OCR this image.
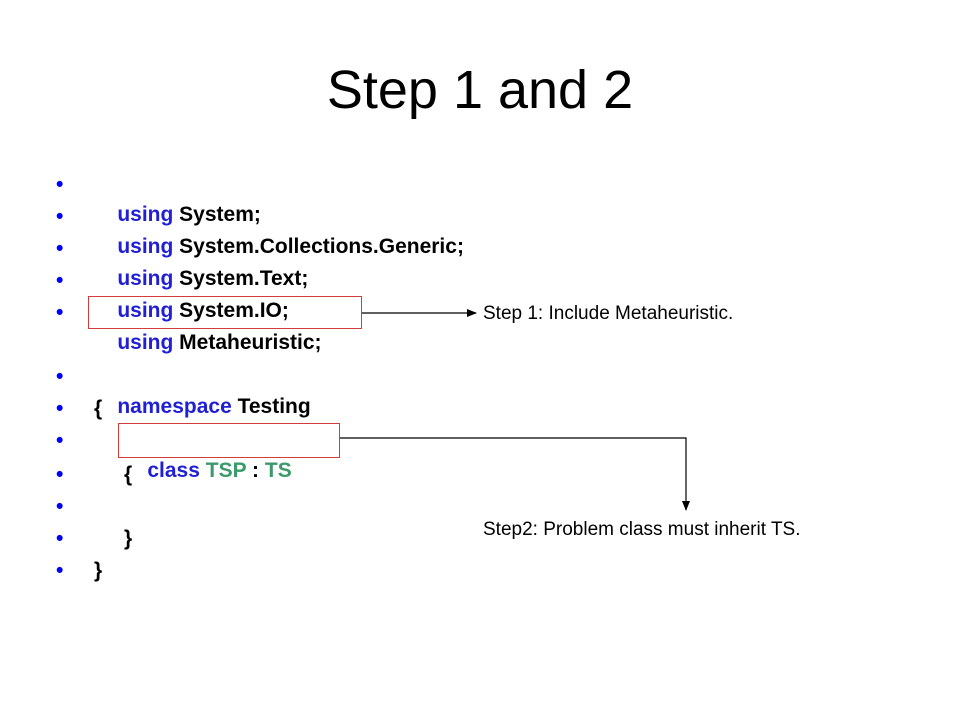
Step 1 and 2

•

using System;

•

using System.Collections.Generic;

•

using System.Text;

•

using System.IO;

•

using Metaheuristic;

•

namespace Testing

•

{

•

class TSP : TS

•

	{

•

•

	}

•

}

Step 1: Include Metaheuristic.
Step2: Problem class must inherit TS.
